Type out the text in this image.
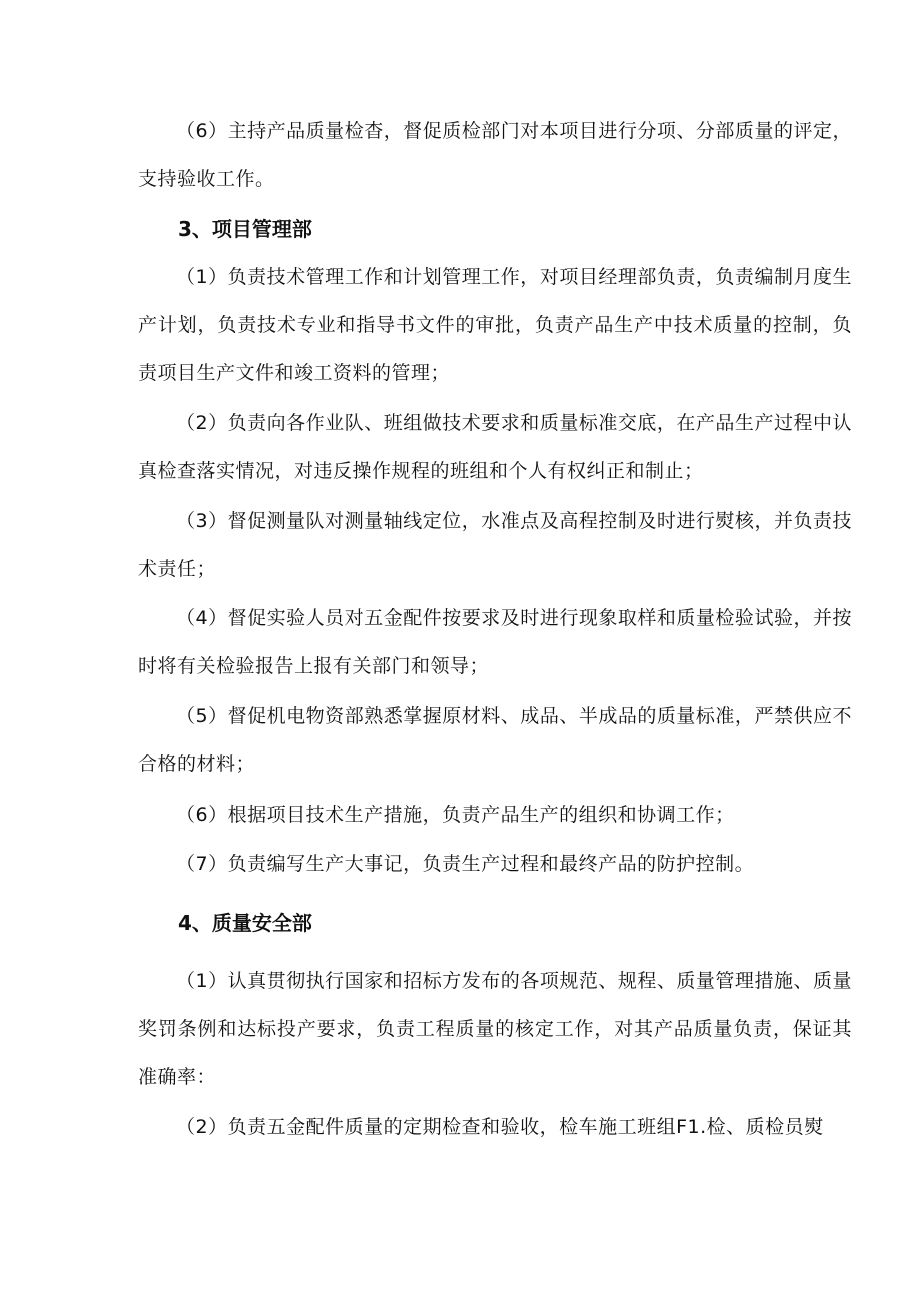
（6）主持产品质量检杳，督促质检部门对本项目进行分项、分部质量的评定，支持验收工作。

3、项目管理部

（1）负责技术管理工作和计划管理工作，对项目经理部负责，负责编制月度生产计划，负责技术专业和指导书文件的审批，负责产品生产中技术质量的控制，负责项目生产文件和竣工资料的管理；

（2）负责向各作业队、班组做技术要求和质量标准交底，在产品生产过程中认真检查落实情况，对违反操作规程的班组和个人有权纠正和制止；

（3）督促测量队对测量轴线定位，水准点及高程控制及时进行熨核，并负责技术责任；

（4）督促实验人员对五金配件按要求及时进行现象取样和质量检验试验，并按时将有关检验报告上报有关部门和领导；

（5）督促机电物资部熟悉掌握原材料、成品、半成品的质量标准，严禁供应不合格的材料；

（6）根据项目技术生产措施，负责产品生产的组织和协调工作；

（7）负责编写生产大事记，负责生产过程和最终产品的防护控制。

4、质量安全部

（1）认真贯彻执行国家和招标方发布的各项规范、规程、质量管理措施、质量奖罚条例和达标投产要求，负责工程质量的核定工作，对其产品质量负责，保证其准确率：

（2）负责五金配件质量的定期检查和验收，检车施工班组F1.检、质检员熨
